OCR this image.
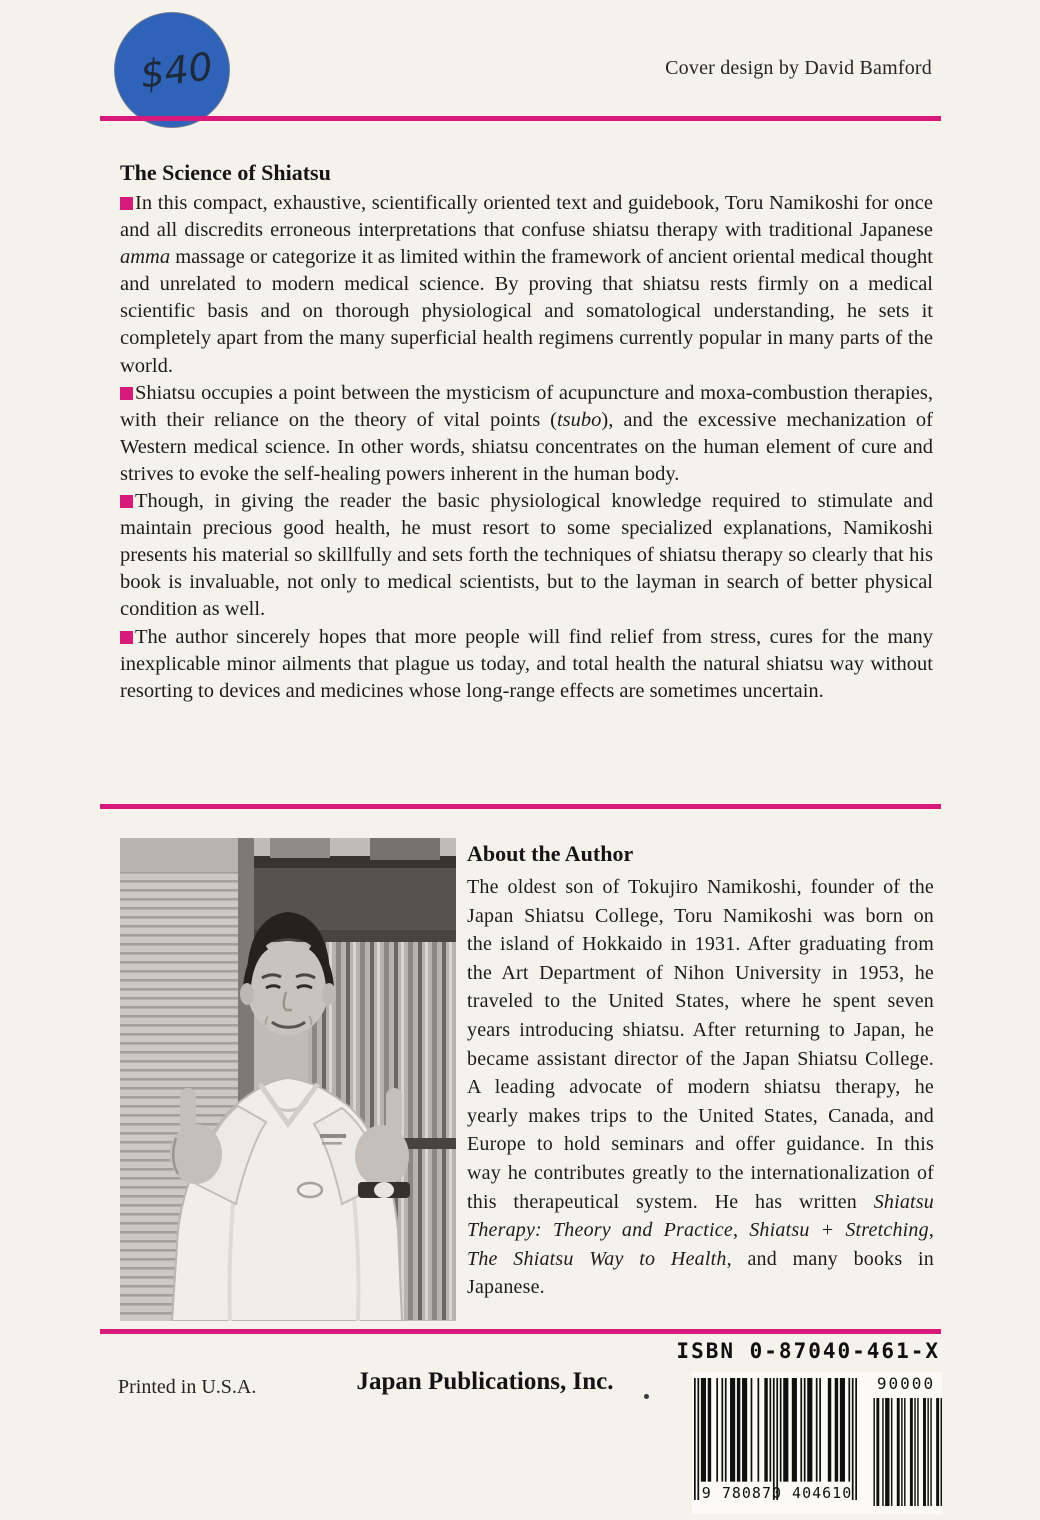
$40	Cover design by David Bamford
The Science of Shiatsu

In this compact, exhaustive, scientifically oriented text and guidebook, Toru Namikoshi for once and all discredits erroneous interpretations that confuse shiatsu therapy with traditional Japanese amma massage or categorize it as limited within the framework of ancient oriental medical thought and unrelated to modern medical science. By proving that shiatsu rests firmly on a medical scientific basis and on thorough physiological and somatological understanding, he sets it completely apart from the many superficial health regimens currently popular in many parts of the world.

Shiatsu occupies a point between the mysticism of acupuncture and moxa-combustion therapies, with their reliance on the theory of vital points (tsubo), and the excessive mechanization of Western medical science. In other words, shiatsu concentrates on the human element of cure and strives to evoke the self-healing powers inherent in the human body.

Though, in giving the reader the basic physiological knowledge required to stimulate and maintain precious good health, he must resort to some specialized explanations, Namikoshi presents his material so skillfully and sets forth the techniques of shiatsu therapy so clearly that his book is invaluable, not only to medical scientists, but to the layman in search of better physical condition as well.

The author sincerely hopes that more people will find relief from stress, cures for the many inexplicable minor ailments that plague us today, and total health the natural shiatsu way without resorting to devices and medicines whose long-range effects are sometimes uncertain.

About the Author
The oldest son of Tokujiro Namikoshi, founder of the Japan Shiatsu College, Toru Namikoshi was born on the island of Hokkaido in 1931. After graduating from the Art Department of Nihon University in 1953, he traveled to the United States, where he spent seven years introducing shiatsu. After returning to Japan, he became assistant director of the Japan Shiatsu College. A leading advocate of modern shiatsu therapy, he yearly makes trips to the United States, Canada, and Europe to hold seminars and offer guidance. In this way he contributes greatly to the internationalization of this therapeutical system. He has written Shiatsu Therapy: Theory and Practice, Shiatsu + Stretching, The Shiatsu Way to Health, and many books in Japanese.
ISBN 0-87040-461-X
9 780870 404610
90000
Printed in U.S.A.	Japan Publications, Inc.
